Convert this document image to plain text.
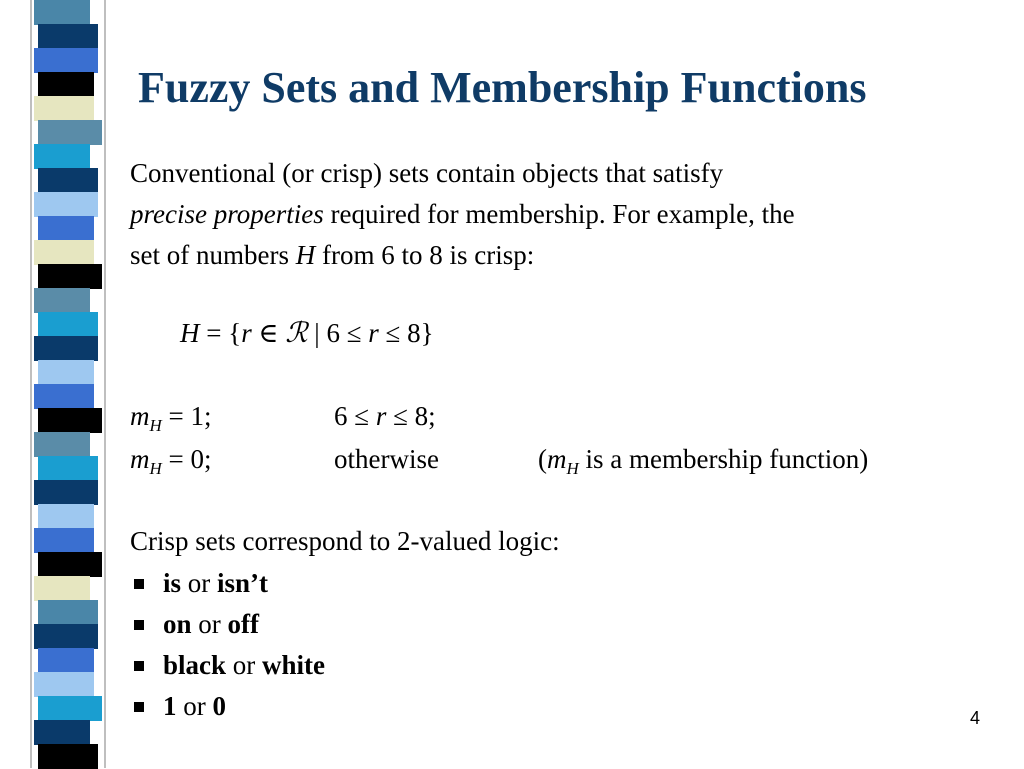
Fuzzy Sets and Membership Functions
Conventional (or crisp) sets contain objects that satisfy
precise properties required for membership. For example, the
set of numbers H from 6 to 8 is crisp:
H = {r ∈ ℛ | 6 ≤ r ≤ 8}
$m_H = 1$;	6 ≤ r ≤ 8;
$m_H = 0$;	otherwise	($m_H$ is a membership function)
Crisp sets correspond to 2-valued logic:
is or isn’t
on or off
black or white
1 or 0	4
